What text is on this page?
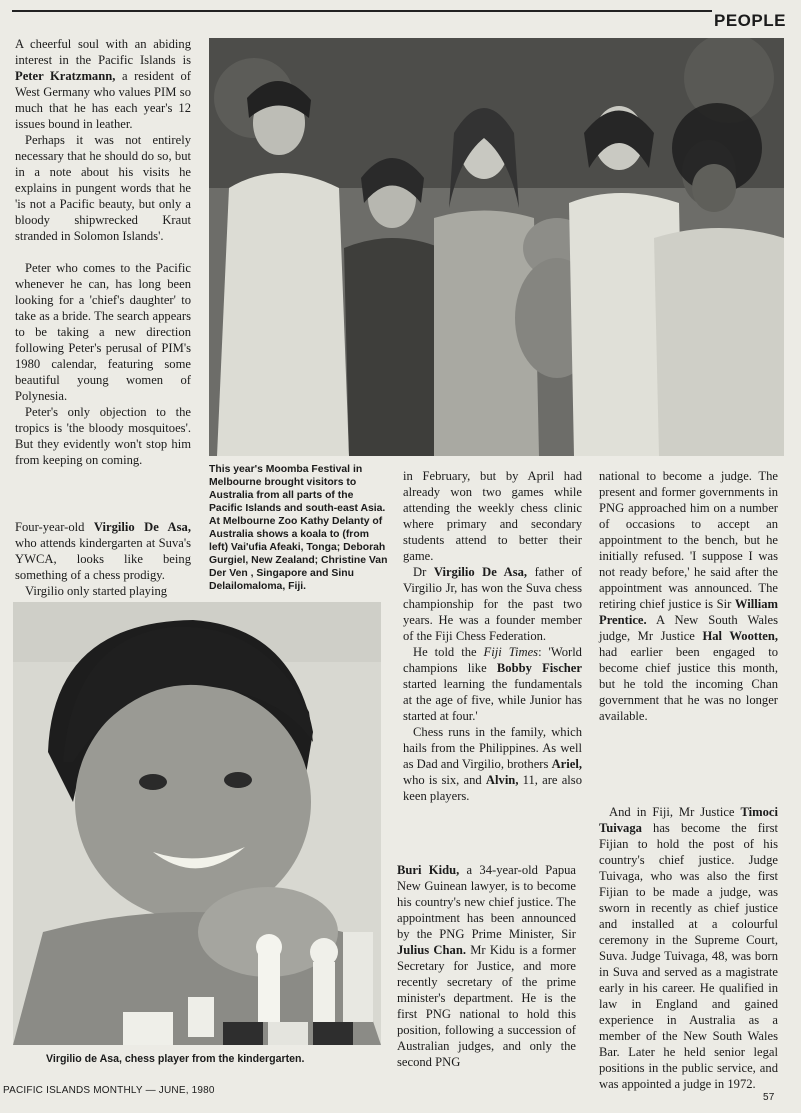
PEOPLE

A cheerful soul with an abiding interest in the Pacific Islands is Peter Kratzmann, a resident of West Germany who values PIM so much that he has each year's 12 issues bound in leather.

Perhaps it was not entirely necessary that he should do so, but in a note about his visits he explains in pungent words that he 'is not a Pacific beauty, but only a bloody shipwrecked Kraut stranded in Solomon Islands'.

Peter who comes to the Pacific whenever he can, has long been looking for a 'chief's daughter' to take as a bride. The search appears to be taking a new direction following Peter's perusal of PIM's 1980 calendar, featuring some beautiful young women of Polynesia.

Peter's only objection to the tropics is 'the bloody mosquitoes'. But they evidently won't stop him from keeping on coming.

Four-year-old Virgilio De Asa, who attends kindergarten at Suva's YWCA, looks like being something of a chess prodigy.

Virgilio only started playing

This year's Moomba Festival in Melbourne brought visitors to Australia from all parts of the Pacific Islands and south-east Asia. At Melbourne Zoo Kathy Delanty of Australia shows a koala to (from left) Vai'ufia Afeaki, Tonga; Deborah Gurgiel, New Zealand; Christine Van Der Ven , Singapore and Sinu Delailomaloma, Fiji.

in February, but by April had already won two games while attending the weekly chess clinic where primary and secondary students attend to better their game.

Dr Virgilio De Asa, father of Virgilio Jr, has won the Suva chess championship for the past two years. He was a founder member of the Fiji Chess Federation.

He told the Fiji Times: 'World champions like Bobby Fischer started learning the fundamentals at the age of five, while Junior has started at four.'

Chess runs in the family, which hails from the Philippines. As well as Dad and Virgilio, brothers Ariel, who is six, and Alvin, 11, are also keen players.

Buri Kidu, a 34-year-old Papua New Guinean lawyer, is to become his country's new chief justice. The appointment has been announced by the PNG Prime Minister, Sir Julius Chan. Mr Kidu is a former Secretary for Justice, and more recently secretary of the prime minister's department. He is the first PNG national to hold this position, following a succession of Australian judges, and only the second PNG

national to become a judge. The present and former governments in PNG approached him on a number of occasions to accept an appointment to the bench, but he initially refused. 'I suppose I was not ready before,' he said after the appointment was announced. The retiring chief justice is Sir William Prentice. A New South Wales judge, Mr Justice Hal Wootten, had earlier been engaged to become chief justice this month, but he told the incoming Chan government that he was no longer available.

And in Fiji, Mr Justice Timoci Tuivaga has become the first Fijian to hold the post of his country's chief justice. Judge Tuivaga, who was also the first Fijian to be made a judge, was sworn in recently as chief justice and installed at a colourful ceremony in the Supreme Court, Suva. Judge Tuivaga, 48, was born in Suva and served as a magistrate early in his career. He qualified in law in England and gained experience in Australia as a member of the New South Wales Bar. Later he held senior legal positions in the public service, and was appointed a judge in 1972.

Virgilio de Asa, chess player from the kindergarten.
PACIFIC ISLANDS MONTHLY — JUNE, 1980
57
